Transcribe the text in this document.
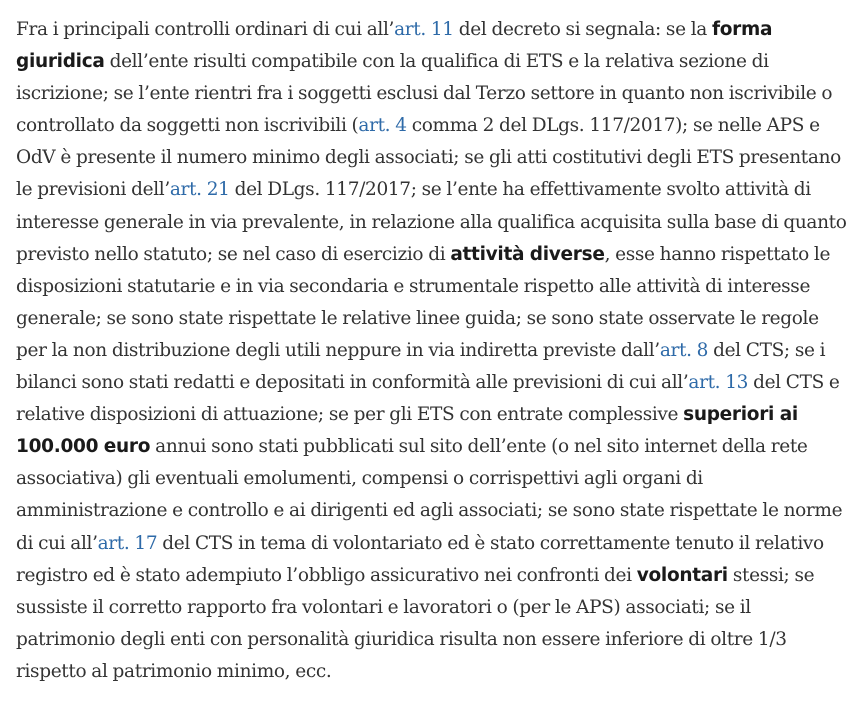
Fra i principali controlli ordinari di cui all’art. 11 del decreto si segnala: se la forma giuridica dell’ente risulti compatibile con la qualifica di ETS e la relativa sezione di iscrizione; se l’ente rientri fra i soggetti esclusi dal Terzo settore in quanto non iscrivibile o controllato da soggetti non iscrivibili (art. 4 comma 2 del DLgs. 117/2017); se nelle APS e OdV è presente il numero minimo degli associati; se gli atti costitutivi degli ETS presentano le previsioni dell’art. 21 del DLgs. 117/2017; se l’ente ha effettivamente svolto attività di interesse generale in via prevalente, in relazione alla qualifica acquisita sulla base di quanto previsto nello statuto; se nel caso di esercizio di attività diverse, esse hanno rispettato le disposizioni statutarie e in via secondaria e strumentale rispetto alle attività di interesse generale; se sono state rispettate le relative linee guida; se sono state osservate le regole per la non distribuzione degli utili neppure in via indiretta previste dall’art. 8 del CTS; se i bilanci sono stati redatti e depositati in conformità alle previsioni di cui all’art. 13 del CTS e relative disposizioni di attuazione; se per gli ETS con entrate complessive superiori ai 100.000 euro annui sono stati pubblicati sul sito dell’ente (o nel sito internet della rete associativa) gli eventuali emolumenti, compensi o corrispettivi agli organi di amministrazione e controllo e ai dirigenti ed agli associati; se sono state rispettate le norme di cui all’art. 17 del CTS in tema di volontariato ed è stato correttamente tenuto il relativo registro ed è stato adempiuto l’obbligo assicurativo nei confronti dei volontari stessi; se sussiste il corretto rapporto fra volontari e lavoratori o (per le APS) associati; se il patrimonio degli enti con personalità giuridica risulta non essere inferiore di oltre 1/3 rispetto al patrimonio minimo, ecc.
